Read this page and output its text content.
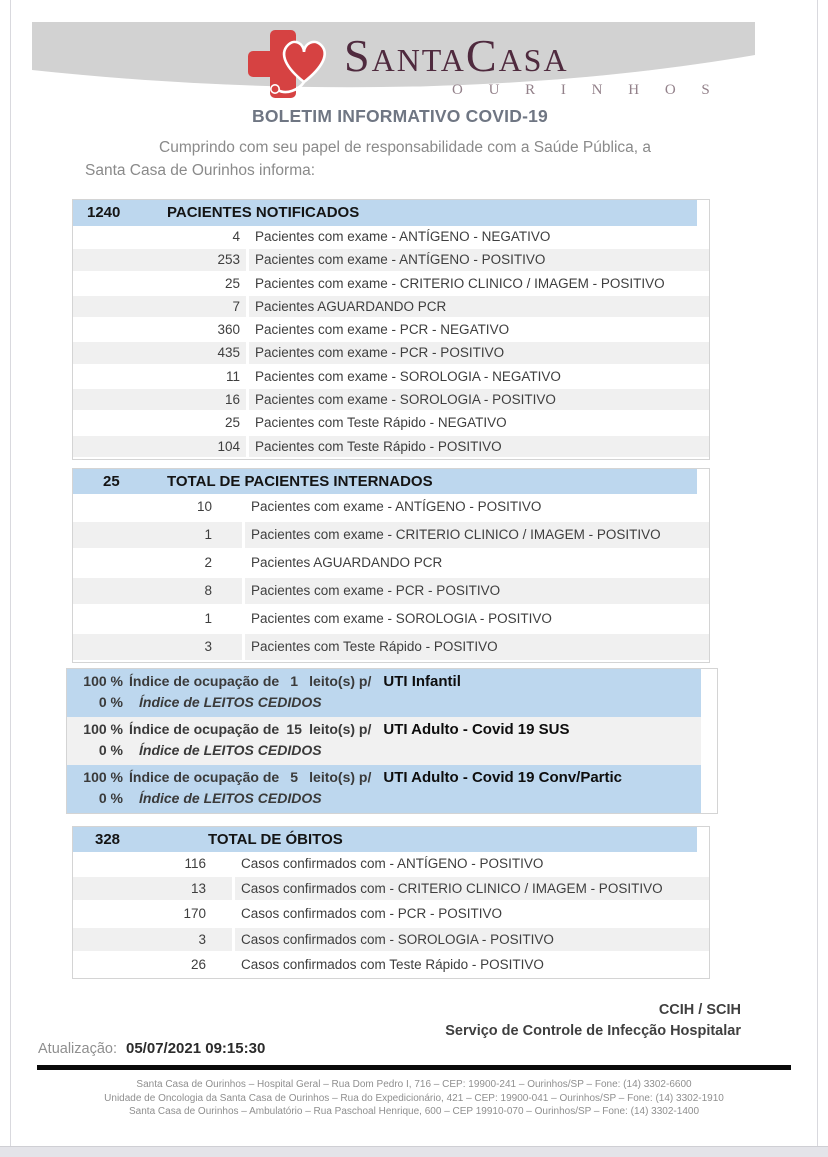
SantaCasa
O U R I N H O S
BOLETIM INFORMATIVO COVID-19

Cumprindo com seu papel de responsabilidade com a Saúde Pública, a Santa Casa de Ourinhos informa:

1240	PACIENTES NOTIFICADOS
4	Pacientes com exame - ANTÍGENO - NEGATIVO
253	Pacientes com exame - ANTÍGENO - POSITIVO
25	Pacientes com exame - CRITERIO CLINICO / IMAGEM - POSITIVO
7	Pacientes AGUARDANDO PCR
360	Pacientes com exame - PCR - NEGATIVO
435	Pacientes com exame - PCR - POSITIVO
11	Pacientes com exame - SOROLOGIA - NEGATIVO
16	Pacientes com exame - SOROLOGIA - POSITIVO
25	Pacientes com Teste Rápido - NEGATIVO
104	Pacientes com Teste Rápido - POSITIVO
25	TOTAL DE PACIENTES INTERNADOS
10	Pacientes com exame - ANTÍGENO - POSITIVO
1	Pacientes com exame - CRITERIO CLINICO / IMAGEM - POSITIVO
2	Pacientes AGUARDANDO PCR
8	Pacientes com exame - PCR - POSITIVO
1	Pacientes com exame - SOROLOGIA - POSITIVO
3	Pacientes com Teste Rápido - POSITIVO
100 % Índice de ocupação de 1 leito(s) p/ UTI Infantil
0 % Índice de LEITOS CEDIDOS
100 % Índice de ocupação de 15 leito(s) p/ UTI Adulto - Covid 19 SUS
0 % Índice de LEITOS CEDIDOS
100 % Índice de ocupação de 5 leito(s) p/ UTI Adulto - Covid 19 Conv/Partic
0 % Índice de LEITOS CEDIDOS
328	TOTAL DE ÓBITOS
116	Casos confirmados com - ANTÍGENO - POSITIVO
13	Casos confirmados com - CRITERIO CLINICO / IMAGEM - POSITIVO
170	Casos confirmados com - PCR - POSITIVO
3	Casos confirmados com - SOROLOGIA - POSITIVO
26	Casos confirmados com Teste Rápido - POSITIVO
CCIH / SCIH
Serviço de Controle de Infecção Hospitalar
Atualização: 05/07/2021 09:15:30
Santa Casa de Ourinhos – Hospital Geral – Rua Dom Pedro I, 716 – CEP: 19900-241 – Ourinhos/SP – Fone: (14) 3302-6600
Unidade de Oncologia da Santa Casa de Ourinhos – Rua do Expedicionário, 421 – CEP: 19900-041 – Ourinhos/SP – Fone: (14) 3302-1910
Santa Casa de Ourinhos – Ambulatório – Rua Paschoal Henrique, 600 – CEP 19910-070 – Ourinhos/SP – Fone: (14) 3302-1400
